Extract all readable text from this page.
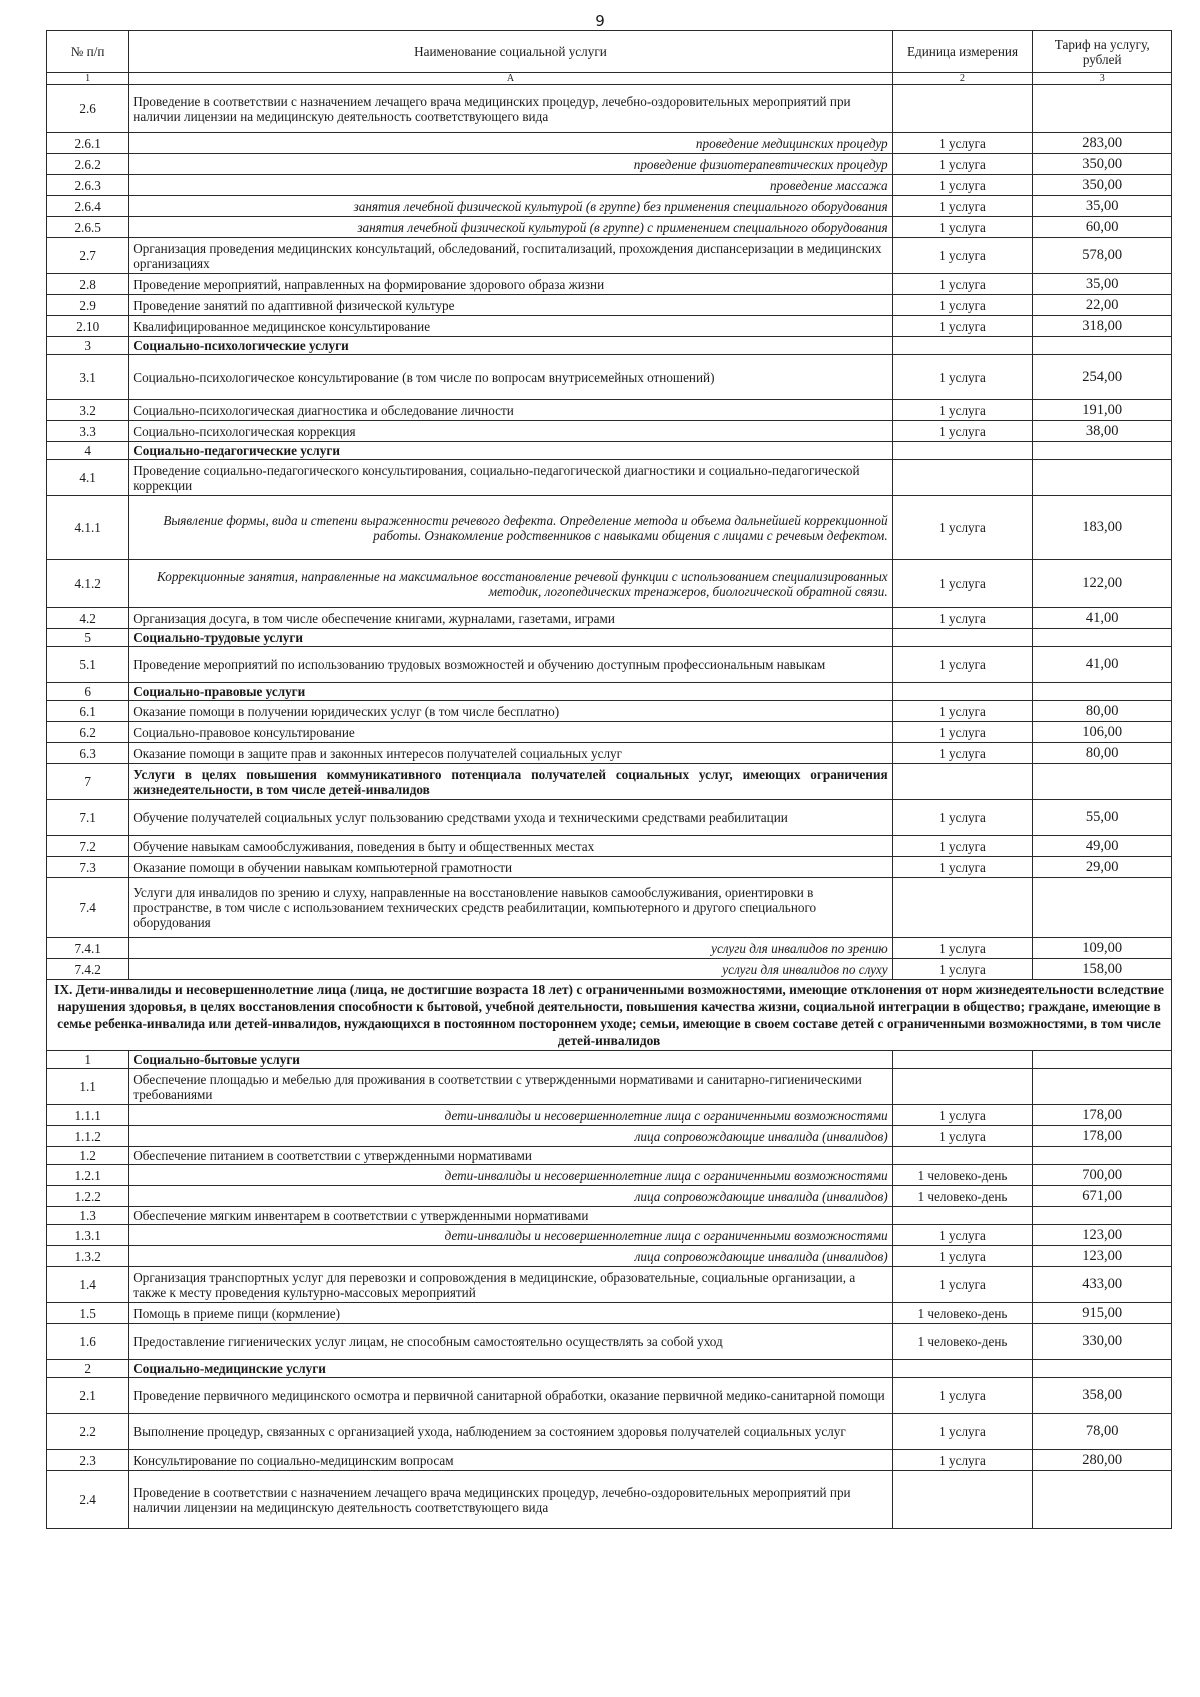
9
№ п/п	Наименование социальной услуги	Единица измерения	Тариф на услугу, рублей
1	А	2	3
2.6	Проведение в соответствии с назначением лечащего врача медицинских процедур, лечебно-оздоровительных мероприятий при наличии лицензии на медицинскую деятельность соответствующего вида		
2.6.1	проведение медицинских процедур	1 услуга	283,00
2.6.2	проведение физиотерапевтических процедур	1 услуга	350,00
2.6.3	проведение массажа	1 услуга	350,00
2.6.4	занятия лечебной физической культурой (в группе) без применения специального оборудования	1 услуга	35,00
2.6.5	занятия лечебной физической культурой (в группе) с применением специального оборудования	1 услуга	60,00
2.7	Организация проведения медицинских консультаций, обследований, госпитализаций, прохождения диспансеризации в медицинских организациях	1 услуга	578,00
2.8	Проведение мероприятий, направленных на формирование здорового образа жизни	1 услуга	35,00
2.9	Проведение занятий по адаптивной физической культуре	1 услуга	22,00
2.10	Квалифицированное медицинское консультирование	1 услуга	318,00
3	Социально-психологические услуги		
3.1	Социально-психологическое консультирование (в том числе по вопросам внутрисемейных отношений)	1 услуга	254,00
3.2	Социально-психологическая диагностика и обследование личности	1 услуга	191,00
3.3	Социально-психологическая коррекция	1 услуга	38,00
4	Социально-педагогические услуги		
4.1	Проведение социально-педагогического консультирования, социально-педагогической диагностики и социально-педагогической коррекции		
4.1.1	Выявление формы, вида и степени выраженности речевого дефекта. Определение метода и объема дальнейшей коррекционной работы. Ознакомление родственников с навыками общения с лицами с речевым дефектом.	1 услуга	183,00
4.1.2	Коррекционные занятия, направленные на максимальное восстановление речевой функции с использованием специализированных методик, логопедических тренажеров, биологической обратной связи.	1 услуга	122,00
4.2	Организация досуга, в том числе обеспечение книгами, журналами, газетами, играми	1 услуга	41,00
5	Социально-трудовые услуги		
5.1	Проведение мероприятий по использованию трудовых возможностей и обучению доступным профессиональным навыкам	1 услуга	41,00
6	Социально-правовые услуги		
6.1	Оказание помощи в получении юридических услуг (в том числе бесплатно)	1 услуга	80,00
6.2	Социально-правовое консультирование	1 услуга	106,00
6.3	Оказание помощи в защите прав и законных интересов получателей социальных услуг	1 услуга	80,00
7	Услуги в целях повышения коммуникативного потенциала получателей социальных услуг, имеющих ограничения жизнедеятельности, в том числе детей-инвалидов		
7.1	Обучение получателей социальных услуг пользованию средствами ухода и техническими средствами реабилитации	1 услуга	55,00
7.2	Обучение навыкам самообслуживания, поведения в быту и общественных местах	1 услуга	49,00
7.3	Оказание помощи в обучении навыкам компьютерной грамотности	1 услуга	29,00
7.4	Услуги для инвалидов по зрению и слуху, направленные на восстановление навыков самообслуживания, ориентировки в пространстве, в том числе с использованием технических средств реабилитации, компьютерного и другого специального оборудования		
7.4.1	услуги для инвалидов по зрению	1 услуга	109,00
7.4.2	услуги для инвалидов по слуху	1 услуга	158,00
IX. Дети-инвалиды и несовершеннолетние лица (лица, не достигшие возраста 18 лет) с ограниченными возможностями, имеющие отклонения от норм жизнедеятельности вследствие нарушения здоровья, в целях восстановления способности к бытовой, учебной деятельности, повышения качества жизни, социальной интеграции в общество; граждане, имеющие в семье ребенка-инвалида или детей-инвалидов, нуждающихся в постоянном постороннем уходе; семьи, имеющие в своем составе детей с ограниченными возможностями, в том числе детей-инвалидов			
1	Социально-бытовые услуги		
1.1	Обеспечение площадью и мебелью для проживания в соответствии с утвержденными нормативами и санитарно-гигиеническими требованиями		
1.1.1	дети-инвалиды и несовершеннолетние лица с ограниченными возможностями	1 услуга	178,00
1.1.2	лица сопровождающие инвалида (инвалидов)	1 услуга	178,00
1.2	Обеспечение питанием в соответствии с утвержденными нормативами		
1.2.1	дети-инвалиды и несовершеннолетние лица с ограниченными возможностями	1 человеко-день	700,00
1.2.2	лица сопровождающие инвалида (инвалидов)	1 человеко-день	671,00
1.3	Обеспечение мягким инвентарем в соответствии с утвержденными нормативами		
1.3.1	дети-инвалиды и несовершеннолетние лица с ограниченными возможностями	1 услуга	123,00
1.3.2	лица сопровождающие инвалида (инвалидов)	1 услуга	123,00
1.4	Организация транспортных услуг для перевозки и сопровождения в медицинские, образовательные, социальные организации, а также к месту проведения культурно-массовых мероприятий	1 услуга	433,00
1.5	Помощь в приеме пищи (кормление)	1 человеко-день	915,00
1.6	Предоставление гигиенических услуг лицам, не способным самостоятельно осуществлять за собой уход	1 человеко-день	330,00
2	Социально-медицинские услуги		
2.1	Проведение первичного медицинского осмотра и первичной санитарной обработки, оказание первичной медико-санитарной помощи	1 услуга	358,00
2.2	Выполнение процедур, связанных с организацией ухода, наблюдением за состоянием здоровья получателей социальных услуг	1 услуга	78,00
2.3	Консультирование по социально-медицинским вопросам	1 услуга	280,00
2.4	Проведение в соответствии с назначением лечащего врача медицинских процедур, лечебно-оздоровительных мероприятий при наличии лицензии на медицинскую деятельность соответствующего вида		
